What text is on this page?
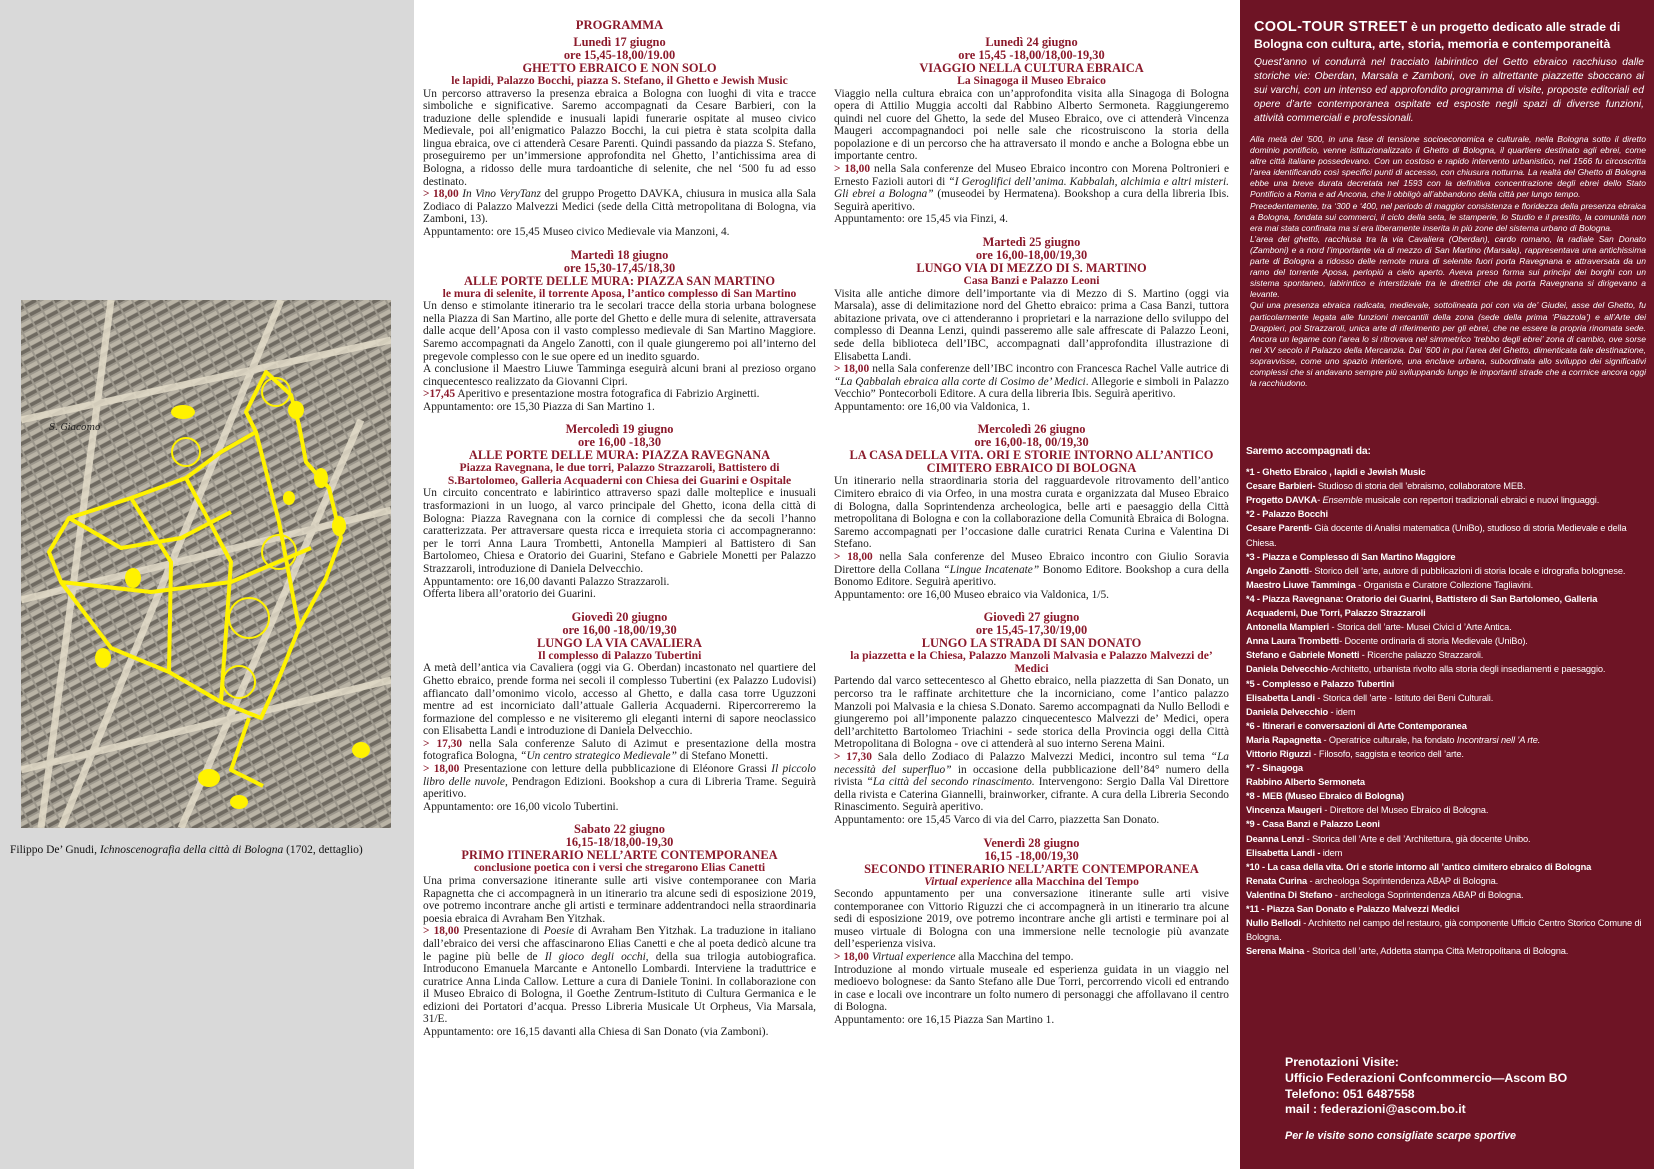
S. Giacomo
Filippo De’ Gnudi, Ichnoscenografia della città di Bologna (1702, dettaglio)
PROGRAMMA
Lunedì 17 giugno
ore 15,45-18,00/19.00
GHETTO EBRAICO E NON SOLO
le lapidi, Palazzo Bocchi, piazza S. Stefano, il Ghetto e Jewish Music

Un percorso attraverso la presenza ebraica a Bologna con luoghi di vita e tracce simboliche e significative. Saremo accompagnati da Cesare Barbieri, con la traduzione delle splendide e inusuali lapidi funerarie ospitate al museo civico Medievale, poi all’enigmatico Palazzo Bocchi, la cui pietra è stata scolpita dalla lingua ebraica, ove ci attenderà Cesare Parenti. Quindi passando da piazza S. Stefano, proseguiremo per un’immersione approfondita nel Ghetto, l’antichissima area di Bologna, a ridosso delle mura tardoantiche di selenite, che nel ‘500 fu ad esso destinato.

> 18,00 In Vino VeryTanz del gruppo Progetto DAVKA, chiusura in musica alla Sala Zodiaco di Palazzo Malvezzi Medici (sede della Città metropolitana di Bologna, via Zamboni, 13).

Appuntamento: ore 15,45 Museo civico Medievale via Manzoni, 4.

Martedì 18 giugno
ore 15,30-17,45/18,30
ALLE PORTE DELLE MURA: PIAZZA SAN MARTINO
le mura di selenite, il torrente Aposa, l’antico complesso di San Martino

Un denso e stimolante itinerario tra le secolari tracce della storia urbana bolognese nella Piazza di San Martino, alle porte del Ghetto e delle mura di selenite, attraversata dalle acque dell’Aposa con il vasto complesso medievale di San Martino Maggiore. Saremo accompagnati da Angelo Zanotti, con il quale giungeremo poi all’interno del pregevole complesso con le sue opere ed un inedito sguardo.

A conclusione il Maestro Liuwe Tamminga eseguirà alcuni brani al prezioso organo cinquecentesco realizzato da Giovanni Cipri.

>17,45 Aperitivo e presentazione mostra fotografica di Fabrizio Arginetti.

Appuntamento: ore 15,30 Piazza di San Martino 1.

Mercoledì 19 giugno
ore 16,00 -18,30
ALLE PORTE DELLE MURA: PIAZZA RAVEGNANA
Piazza Ravegnana, le due torri, Palazzo Strazzaroli, Battistero di S.Bartolomeo, Galleria Acquaderni con Chiesa dei Guarini e Ospitale

Un circuito concentrato e labirintico attraverso spazi dalle molteplice e inusuali trasformazioni in un luogo, al varco principale del Ghetto, icona della città di Bologna: Piazza Ravegnana con la cornice di complessi che da secoli l’hanno caratterizzata. Per attraversare questa ricca e irrequieta storia ci accompagneranno: per le torri Anna Laura Trombetti, Antonella Mampieri al Battistero di San Bartolomeo, Chiesa e Oratorio dei Guarini, Stefano e Gabriele Monetti per Palazzo Strazzaroli, introduzione di Daniela Delvecchio.

Appuntamento: ore 16,00 davanti Palazzo Strazzaroli.

Offerta libera all’oratorio dei Guarini.

Giovedì 20 giugno
ore 16,00 -18,00/19,30
LUNGO LA VIA CAVALIERA
Il complesso di Palazzo Tubertini

A metà dell’antica via Cavaliera (oggi via G. Oberdan) incastonato nel quartiere del Ghetto ebraico, prende forma nei secoli il complesso Tubertini (ex Palazzo Ludovisi) affiancato dall’omonimo vicolo, accesso al Ghetto, e dalla casa torre Uguzzoni mentre ad est incorniciato dall’attuale Galleria Acquaderni. Ripercorreremo la formazione del complesso e ne visiteremo gli eleganti interni di sapore neoclassico con Elisabetta Landi e introduzione di Daniela Delvecchio.

> 17,30 nella Sala conferenze Saluto di Azimut e presentazione della mostra fotografica Bologna, “Un centro strategico Medievale” di Stefano Monetti.

> 18,00 Presentazione con letture della pubblicazione di Eléonore Grassi Il piccolo libro delle nuvole, Pendragon Edizioni. Bookshop a cura di Libreria Trame. Seguirà aperitivo.

Appuntamento: ore 16,00 vicolo Tubertini.

Sabato 22 giugno
16,15-18/18,00-19,30
PRIMO ITINERARIO NELL’ARTE CONTEMPORANEA
conclusione poetica con i versi che stregarono Elias Canetti

Una prima conversazione itinerante sulle arti visive contemporanee con Maria Rapagnetta che ci accompagnerà in un itinerario tra alcune sedi di esposizione 2019, ove potremo incontrare anche gli artisti e terminare addentrandoci nella straordinaria poesia ebraica di Avraham Ben Yitzhak.

> 18,00 Presentazione di Poesie di Avraham Ben Yitzhak. La traduzione in italiano dall’ebraico dei versi che affascinarono Elias Canetti e che al poeta dedicò alcune tra le pagine più belle de Il gioco degli occhi, della sua trilogia autobiografica. Introducono Emanuela Marcante e Antonello Lombardi. Interviene la traduttrice e curatrice Anna Linda Callow. Letture a cura di Daniele Tonini. In collaborazione con il Museo Ebraico di Bologna, il Goethe Zentrum-Istituto di Cultura Germanica e le edizioni dei Portatori d’acqua. Presso Libreria Musicale Ut Orpheus, Via Marsala, 31/E.

Appuntamento: ore 16,15 davanti alla Chiesa di San Donato (via Zamboni).

Lunedì 24 giugno
ore 15,45 -18,00/18,00-19,30
VIAGGIO NELLA CULTURA EBRAICA
La Sinagoga il Museo Ebraico

Viaggio nella cultura ebraica con un’approfondita visita alla Sinagoga di Bologna opera di Attilio Muggia accolti dal Rabbino Alberto Sermoneta. Raggiungeremo quindi nel cuore del Ghetto, la sede del Museo Ebraico, ove ci attenderà Vincenza Maugeri accompagnandoci poi nelle sale che ricostruiscono la storia della popolazione e di un percorso che ha attraversato il mondo e anche a Bologna ebbe un importante centro.

> 18,00 nella Sala conferenze del Museo Ebraico incontro con Morena Poltronieri e Ernesto Fazioli autori di “I Geroglifici dell’anima. Kabbalah, alchimia e altri misteri. Gli ebrei a Bologna” (museodei by Hermatena). Bookshop a cura della libreria Ibis. Seguirà aperitivo.

Appuntamento: ore 15,45 via Finzi, 4.

Martedì 25 giugno
ore 16,00-18,00/19,30
LUNGO VIA DI MEZZO DI S. MARTINO
Casa Banzi e Palazzo Leoni

Visita alle antiche dimore dell’importante via di Mezzo di S. Martino (oggi via Marsala), asse di delimitazione nord del Ghetto ebraico: prima a Casa Banzi, tuttora abitazione privata, ove ci attenderanno i proprietari e la narrazione dello sviluppo del complesso di Deanna Lenzi, quindi passeremo alle sale affrescate di Palazzo Leoni, sede della biblioteca dell’IBC, accompagnati dall’approfondita illustrazione di Elisabetta Landi.

> 18,00 nella Sala conferenze dell’IBC incontro con Francesca Rachel Valle autrice di “La Qabbalah ebraica alla corte di Cosimo de’ Medici. Allegorie e simboli in Palazzo Vecchio” Pontecorboli Editore. A cura della libreria Ibis. Seguirà aperitivo.

Appuntamento: ore 16,00 via Valdonica, 1.

Mercoledì 26 giugno
ore 16,00-18, 00/19,30
LA CASA DELLA VITA. ORI E STORIE INTORNO ALL’ANTICO CIMITERO EBRAICO DI BOLOGNA

Un itinerario nella straordinaria storia del ragguardevole ritrovamento dell’antico Cimitero ebraico di via Orfeo, in una mostra curata e organizzata dal Museo Ebraico di Bologna, dalla Soprintendenza archeologica, belle arti e paesaggio della Città metropolitana di Bologna e con la collaborazione della Comunità Ebraica di Bologna. Saremo accompagnati per l’occasione dalle curatrici Renata Curina e Valentina Di Stefano.

> 18,00 nella Sala conferenze del Museo Ebraico incontro con Giulio Soravia Direttore della Collana “Lingue Incatenate” Bonomo Editore. Bookshop a cura della Bonomo Editore. Seguirà aperitivo.

Appuntamento: ore 16,00 Museo ebraico via Valdonica, 1/5.

Giovedì 27 giugno
ore 15,45-17,30/19,00
LUNGO LA STRADA DI SAN DONATO
la piazzetta e la Chiesa, Palazzo Manzoli Malvasia e Palazzo Malvezzi de’ Medici

Partendo dal varco settecentesco al Ghetto ebraico, nella piazzetta di San Donato, un percorso tra le raffinate architetture che la incorniciano, come l’antico palazzo Manzoli poi Malvasia e la chiesa S.Donato. Saremo accompagnati da Nullo Bellodi e giungeremo poi all’imponente palazzo cinquecentesco Malvezzi de’ Medici, opera dell’architetto Bartolomeo Triachini - sede storica della Provincia oggi della Città Metropolitana di Bologna - ove ci attenderà al suo interno Serena Maini.

> 17,30 Sala dello Zodiaco di Palazzo Malvezzi Medici, incontro sul tema “La necessità del superfluo” in occasione della pubblicazione dell’84° numero della rivista “La città del secondo rinascimento. Intervengono: Sergio Dalla Val Direttore della rivista e Caterina Giannelli, brainworker, cifrante. A cura della Libreria Secondo Rinascimento. Seguirà aperitivo.

Appuntamento: ore 15,45 Varco di via del Carro, piazzetta San Donato.

Venerdì 28 giugno
16,15 -18,00/19,30
SECONDO ITINERARIO NELL’ARTE CONTEMPORANEA
Virtual experience alla Macchina del Tempo

Secondo appuntamento per una conversazione itinerante sulle arti visive contemporanee con Vittorio Riguzzi che ci accompagnerà in un itinerario tra alcune sedi di esposizione 2019, ove potremo incontrare anche gli artisti e terminare poi al museo virtuale di Bologna con una immersione nelle tecnologie più avanzate dell’esperienza visiva.

> 18,00 Virtual experience alla Macchina del tempo.

Introduzione al mondo virtuale museale ed esperienza guidata in un viaggio nel medioevo bolognese: da Santo Stefano alle Due Torri, percorrendo vicoli ed entrando in case e locali ove incontrare un folto numero di personaggi che affollavano il centro di Bologna.

Appuntamento: ore 16,15 Piazza San Martino 1.

COOL-TOUR STREET è un progetto dedicato alle strade di Bologna con cultura, arte, storia, memoria e contemporaneità
Quest’anno vi condurrà nel tracciato labirintico del Getto ebraico racchiuso dalle storiche vie: Oberdan, Marsala e Zamboni, ove in altrettante piazzette sboccano ai sui varchi, con un intenso ed approfondito programma di visite, proposte editoriali ed opere d’arte contemporanea ospitate ed esposte negli spazi di diverse funzioni, attività commerciali e professionali.

Alla metà del ‘500, in una fase di tensione socioeconomica e culturale, nella Bologna sotto il diretto dominio pontificio, venne istituzionalizzato il Ghetto di Bologna, il quartiere destinato agli ebrei, come altre città italiane possedevano. Con un costoso e rapido intervento urbanistico, nel 1566 fu circoscritta l’area identificando così specifici punti di accesso, con chiusura notturna. La realtà del Ghetto di Bologna ebbe una breve durata decretata nel 1593 con la definitiva concentrazione degli ebrei dello Stato Pontificio a Roma e ad Ancona, che li obbligò all’abbandono della città per lungo tempo.

Precedentemente, tra ‘300 e ‘400, nel periodo di maggior consistenza e floridezza della presenza ebraica a Bologna, fondata sui commerci, il ciclo della seta, le stamperie, lo Studio e il prestito, la comunità non era mai stata confinata ma si era liberamente inserita in più zone del sistema urbano di Bologna.

L’area del ghetto, racchiusa tra la via Cavaliera (Oberdan), cardo romano, la radiale San Donato (Zamboni) e a nord l’importante via di mezzo di San Martino (Marsala), rappresentava una antichissima parte di Bologna a ridosso delle remote mura di selenite fuori porta Ravegnana e attraversata da un ramo del torrente Aposa, perlopiù a cielo aperto. Aveva preso forma sui principi dei borghi con un sistema spontaneo, labirintico e interstiziale tra le direttrici che da porta Ravegnana si dirigevano a levante.

Qui una presenza ebraica radicata, medievale, sottolineata poi con via de’ Giudei, asse del Ghetto, fu particolarmente legata alle funzioni mercantili della zona (sede della prima ‘Piazzola’) e all’Arte dei Drappieri, poi Strazzaroli, unica arte di riferimento per gli ebrei, che ne essere la propria rinomata sede. Ancora un legame con l’area lo si ritrovava nel simmetrico ‘trebbo degli ebrei’ zona di cambio, ove sorse nel XV secolo il Palazzo della Mercanzia. Dal ‘600 in poi l’area del Ghetto, dimenticata tale destinazione, sopravvisse, come uno spazio interiore, una enclave urbana, subordinata allo sviluppo dei significativi complessi che si andavano sempre più sviluppando lungo le importanti strade che a corrnice ancora oggi la racchiudono.

Saremo accompagnati da:
*1 - Ghetto Ebraico , lapidi e Jewish Music
Cesare Barbieri- Studioso di storia dell ’ebraismo, collaboratore MEB.
Progetto DAVKA- Ensemble musicale con repertori tradizionali ebraici e nuovi linguaggi.
*2 - Palazzo Bocchi
Cesare Parenti- Già docente di Analisi matematica (UniBo), studioso di storia Medievale e della Chiesa.
*3 - Piazza e Complesso di San Martino Maggiore
Angelo Zanotti- Storico dell ’arte, autore di pubblicazioni di storia locale e idrografia bolognese.
Maestro Liuwe Tamminga - Organista e Curatore Collezione Tagliavini.
*4 - Piazza Ravegnana: Oratorio dei Guarini, Battistero di San Bartolomeo, Galleria Acquaderni, Due Torri, Palazzo Strazzaroli
Antonella Mampieri - Storica dell ’arte- Musei Civici d ’Arte Antica.
Anna Laura Trombetti- Docente ordinaria di storia Medievale (UniBo).
Stefano e Gabriele Monetti - Ricerche palazzo Strazzaroli.
Daniela Delvecchio-Architetto, urbanista rivolto alla storia degli insediamenti e paesaggio.
*5 - Complesso e Palazzo Tubertini
Elisabetta Landi - Storica dell ’arte - Istituto dei Beni Culturali.
Daniela Delvecchio - idem
*6 - Itinerari e conversazioni di Arte Contemporanea
Maria Rapagnetta - Operatrice culturale, ha fondato Incontrarsi nell ’A rte.
Vittorio Riguzzi - Filosofo, saggista e teorico dell ’arte.
*7 - Sinagoga
Rabbino Alberto Sermoneta
*8 - MEB (Museo Ebraico di Bologna)
Vincenza Maugeri - Direttore del Museo Ebraico di Bologna.
*9 - Casa Banzi e Palazzo Leoni
Deanna Lenzi - Storica dell ’Arte e dell ’Architettura, già docente Unibo.
Elisabetta Landi - idem
*10 - La casa della vita. Ori e storie intorno all ’antico cimitero ebraico di Bologna
Renata Curina - archeologa Soprintendenza ABAP di Bologna.
Valentina Di Stefano - archeologa Soprintendenza ABAP di Bologna.
*11 - Piazza San Donato e Palazzo Malvezzi Medici
Nullo Bellodi - Architetto nel campo del restauro, già componente Ufficio Centro Storico Comune di Bologna.
Serena Maina - Storica dell ’arte, Addetta stampa Città Metropolitana di Bologna.
Prenotazioni Visite:
Ufficio Federazioni Confcommercio—Ascom BO
Telefono: 051 6487558
mail : federazioni@ascom.bo.it
Per le visite sono consigliate scarpe sportive
